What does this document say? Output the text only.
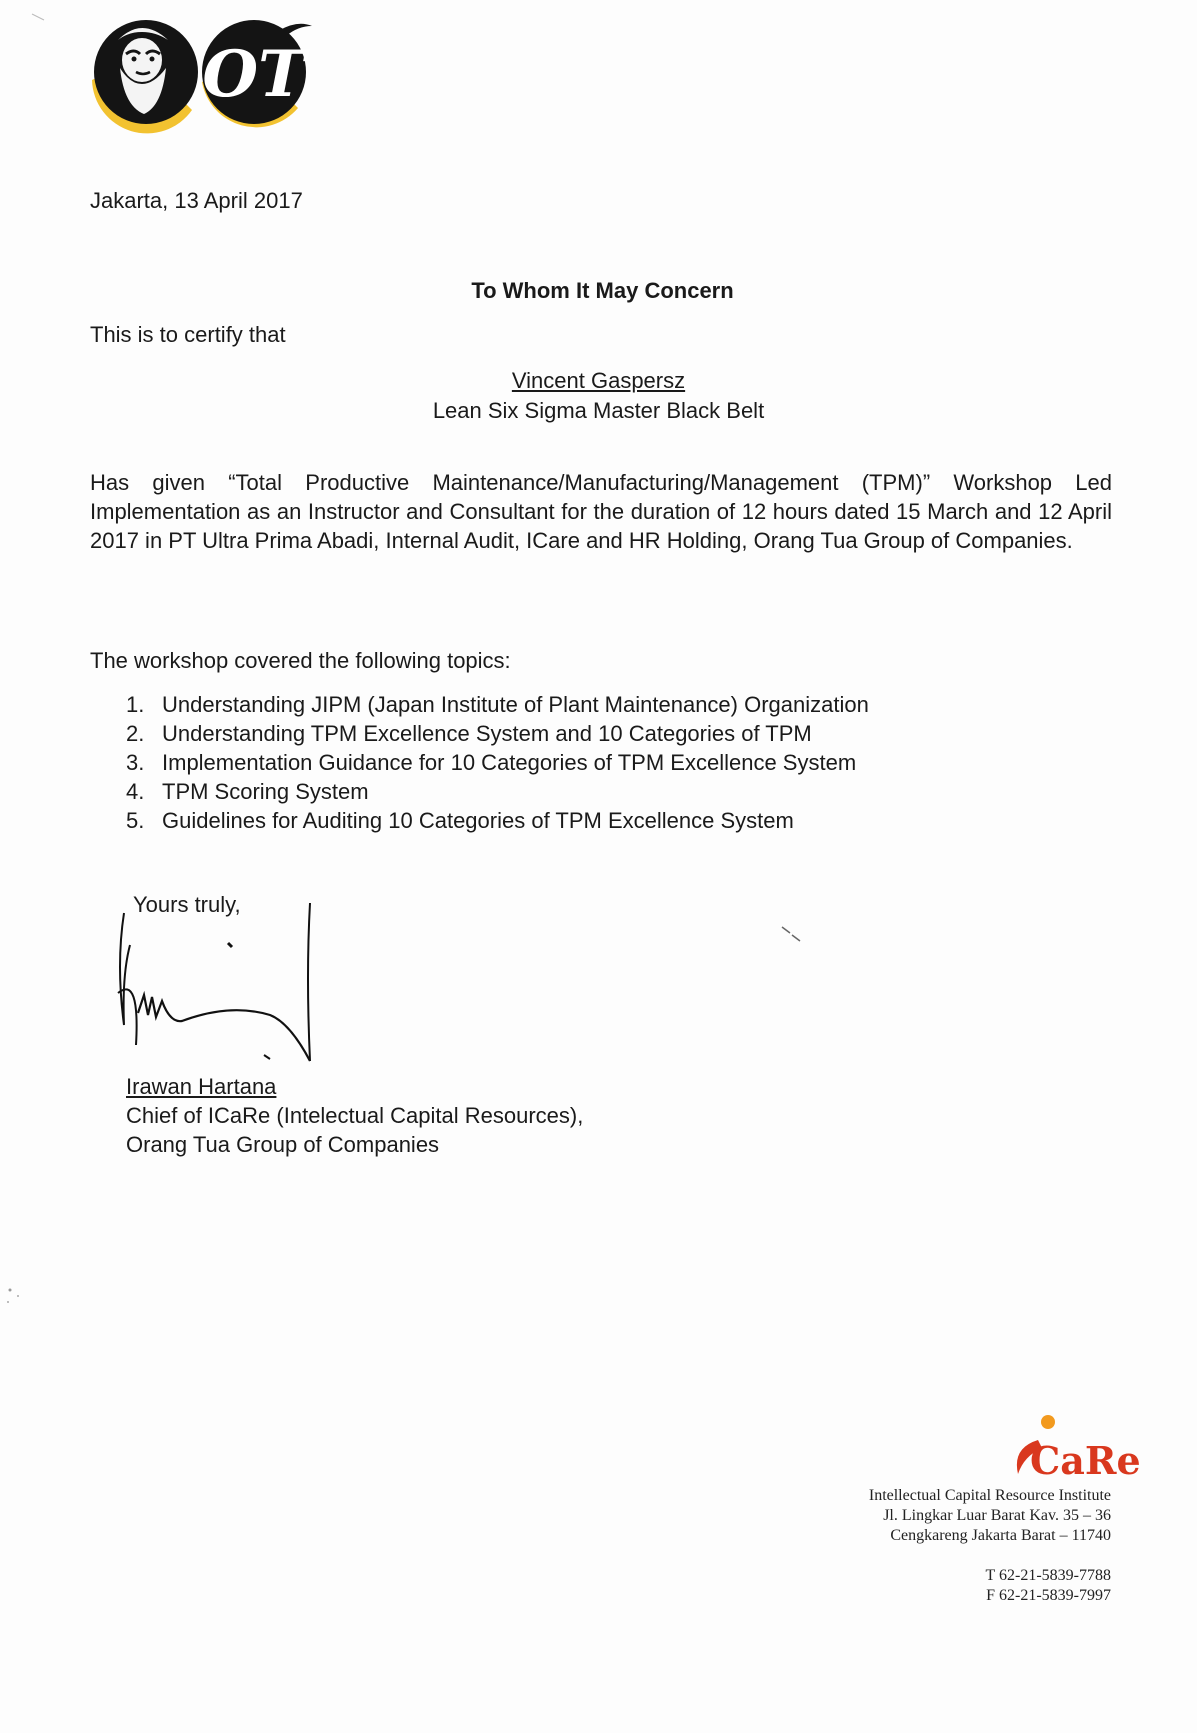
OT
Jakarta, 13 April 2017
To Whom It May Concern
This is to certify that
Vincent Gaspersz
Lean Six Sigma Master Black Belt

Has given “Total Productive Maintenance/Manufacturing/Management (TPM)” Workshop Led Implementation as an Instructor and Consultant for the duration of 12 hours dated 15 March and 12 April 2017 in PT Ultra Prima Abadi, Internal Audit, ICare and HR Holding, Orang Tua Group of Companies.

The workshop covered the following topics:
1. Understanding JIPM (Japan Institute of Plant Maintenance) Organization
2. Understanding TPM Excellence System and 10 Categories of TPM
3. Implementation Guidance for 10 Categories of TPM Excellence System
4. TPM Scoring System
5. Guidelines for Auditing 10 Categories of TPM Excellence System
Yours truly,
Irawan Hartana
Chief of ICaRe (Intelectual Capital Resources),
Orang Tua Group of Companies
CaRe
Intellectual Capital Resource Institute
Jl. Lingkar Luar Barat Kav. 35 – 36
Cengkareng Jakarta Barat – 11740
T 62-21-5839-7788
F 62-21-5839-7997
